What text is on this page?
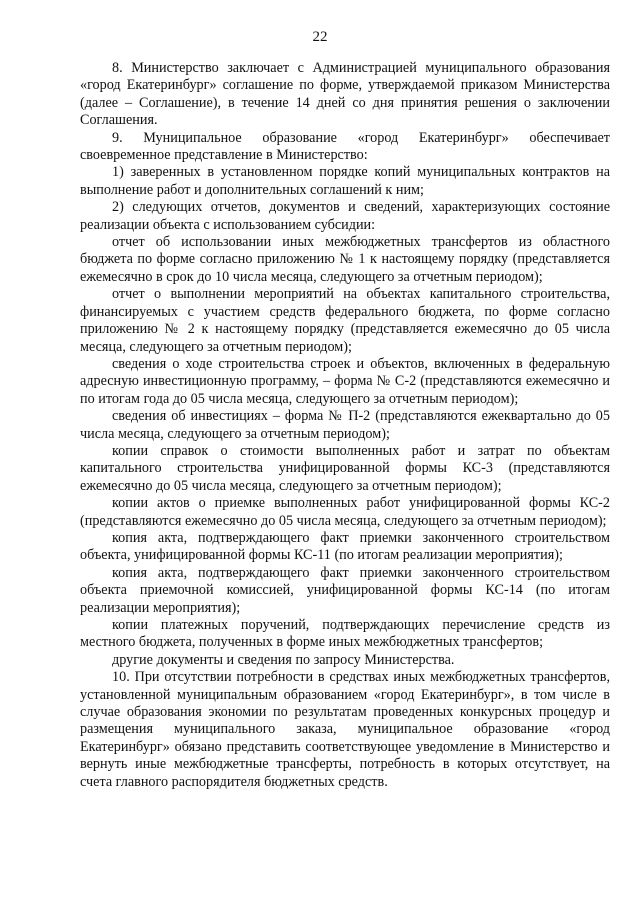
22

8. Министерство заключает с Администрацией муниципального образования «город Екатеринбург» соглашение по форме, утверждаемой приказом Министерства (далее – Соглашение), в течение 14 дней со дня принятия решения о заключении Соглашения.

9. Муниципальное образование «город Екатеринбург» обеспечивает своевременное представление в Министерство:

1) заверенных в установленном порядке копий муниципальных контрактов на выполнение работ и дополнительных соглашений к ним;

2) следующих отчетов, документов и сведений, характеризующих состояние реализации объекта с использованием субсидии:

отчет об использовании иных межбюджетных трансфертов из областного бюджета по форме согласно приложению № 1 к настоящему порядку (представляется ежемесячно в срок до 10 числа месяца, следующего за отчетным периодом);

отчет о выполнении мероприятий на объектах капитального строительства, финансируемых с участием средств федерального бюджета, по форме согласно приложению № 2 к настоящему порядку (представляется ежемесячно до 05 числа месяца, следующего за отчетным периодом);

сведения о ходе строительства строек и объектов, включенных в федеральную адресную инвестиционную программу, – форма № С-2 (представляются ежемесячно и по итогам года до 05 числа месяца, следующего за отчетным периодом);

сведения об инвестициях – форма № П-2 (представляются ежеквартально до 05 числа месяца, следующего за отчетным периодом);

копии справок о стоимости выполненных работ и затрат по объектам капитального строительства унифицированной формы КС-3 (представляются ежемесячно до 05 числа месяца, следующего за отчетным периодом);

копии актов о приемке выполненных работ унифицированной формы КС-2 (представляются ежемесячно до 05 числа месяца, следующего за отчетным периодом);

копия акта, подтверждающего факт приемки законченного строительством объекта, унифицированной формы КС-11 (по итогам реализации мероприятия);

копия акта, подтверждающего факт приемки законченного строительством объекта приемочной комиссией, унифицированной формы КС-14 (по итогам реализации мероприятия);

копии платежных поручений, подтверждающих перечисление средств из местного бюджета, полученных в форме иных межбюджетных трансфертов;

другие документы и сведения по запросу Министерства.

10. При отсутствии потребности в средствах иных межбюджетных трансфертов, установленной муниципальным образованием «город Екатеринбург», в том числе в случае образования экономии по результатам проведенных конкурсных процедур и размещения муниципального заказа, муниципальное образование «город Екатеринбург» обязано представить соответствующее уведомление в Министерство и вернуть иные межбюджетные трансферты, потребность в которых отсутствует, на счета главного распорядителя бюджетных средств.
